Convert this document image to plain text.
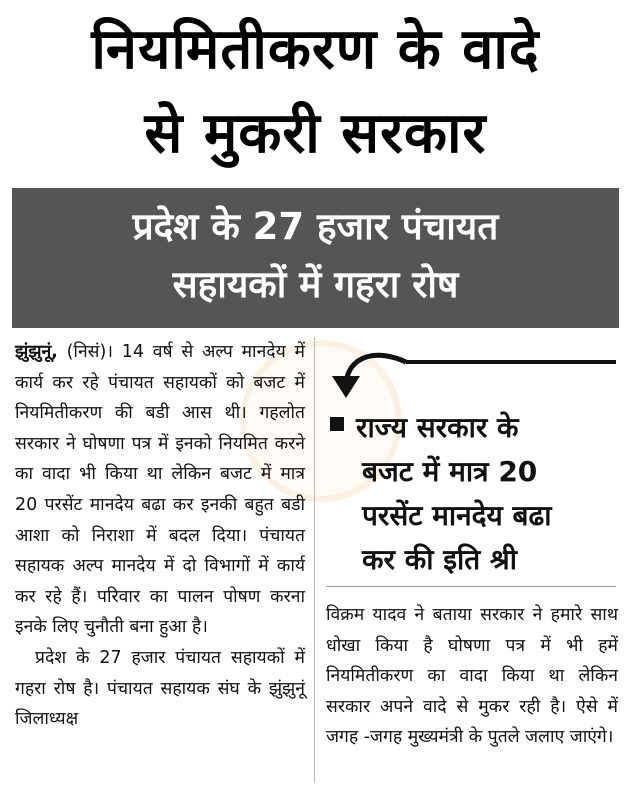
नियमितीकरण के वादे
से मुकरी सरकार
प्रदेश के 27 हजार पंचायत
सहायकों में गहरा रोष

झुंझुनूं, (निसं)। 14 वर्ष से अल्प मानदेय में कार्य कर रहे पंचायत सहायकों को बजट में नियमितीकरण की बडी आस थी। गहलोत सरकार ने घोषणा पत्र में इनको नियमित करने का वादा भी किया था लेकिन बजट में मात्र 20 परसेंट मानदेय बढा कर इनकी बहुत बडी आशा को निराशा में बदल दिया। पंचायत सहायक अल्प मानदेय में दो विभागों में कार्य कर रहे हैं। परिवार का पालन पोषण करना इनके लिए चुनौती बना हुआ है।

प्रदेश के 27 हजार पंचायत सहायकों में गहरा रोष है। पंचायत सहायक संघ के झुंझुनूं जिलाध्यक्ष

राज्य सरकार के
बजट में मात्र 20
परसेंट मानदेय बढा
कर की इति श्री

विक्रम यादव ने बताया सरकार ने हमारे साथ धोखा किया है घोषणा पत्र में भी हमें नियमितीकरण का वादा किया था लेकिन सरकार अपने वादे से मुकर रही है। ऐसे में जगह -जगह मुख्यमंत्री के पुतले जलाए जाएंगे।
